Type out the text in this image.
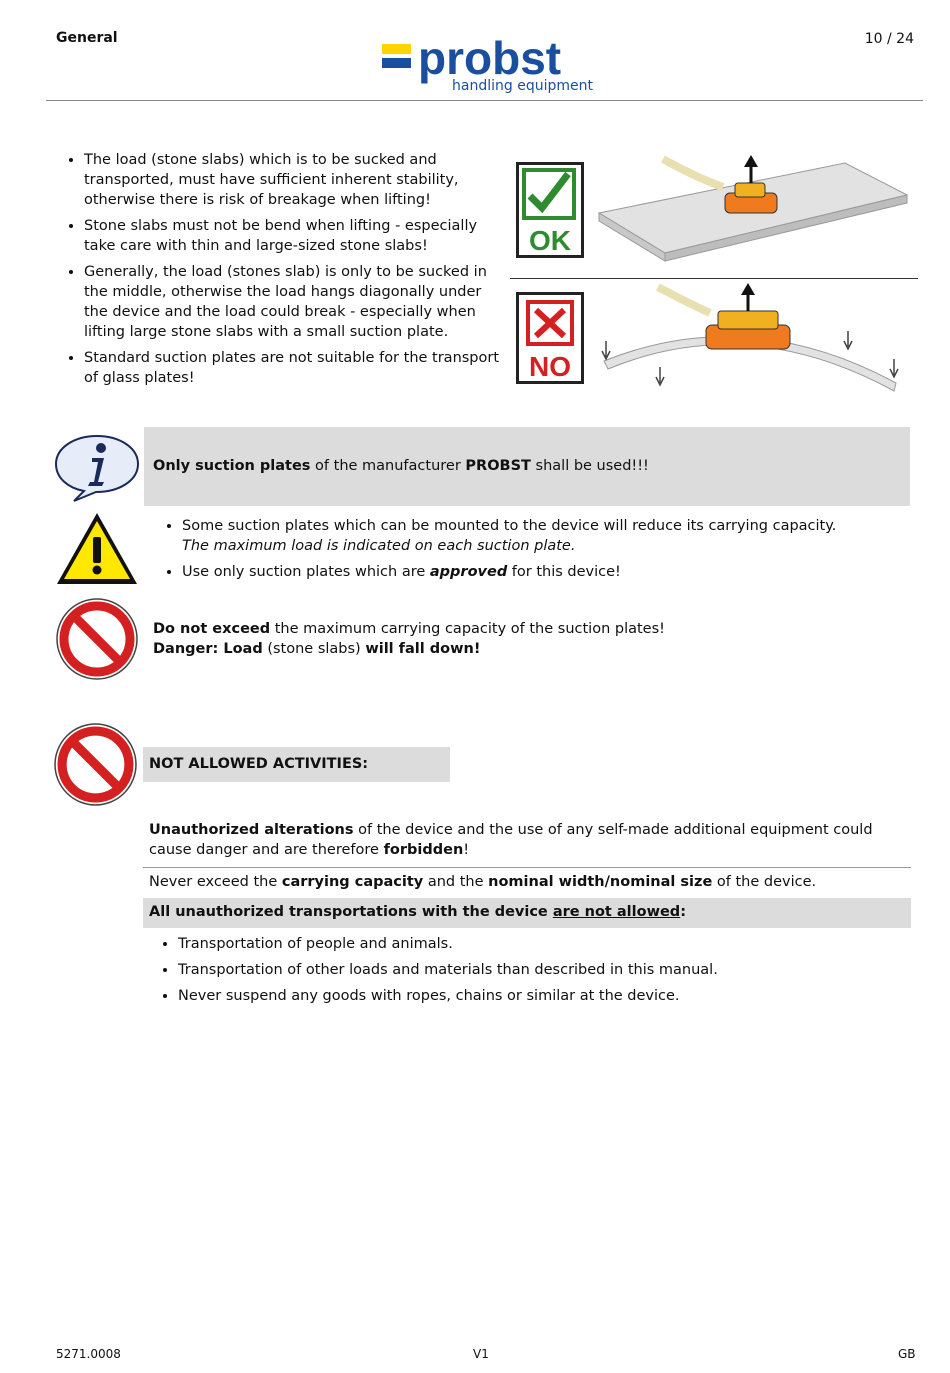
General	10 / 24
probst
handling equipment
• The load (stone slabs) which is to be sucked and transported, must have sufficient inherent stability, otherwise there is risk of breakage when lifting!
• Stone slabs must not be bend when lifting - especially take care with thin and large-sized stone slabs!
• Generally, the load (stones slab) is only to be sucked in the middle, otherwise the load hangs diagonally under the device and the load could break - especially when lifting large stone slabs with a small suction plate.
• Standard suction plates are not suitable for the transport of glass plates!
OK
NO
Only suction plates of the manufacturer PROBST shall be used!!!
• Some suction plates which can be mounted to the device will reduce its carrying capacity.
The maximum load is indicated on each suction plate.
• Use only suction plates which are approved for this device!
Do not exceed the maximum carrying capacity of the suction plates!
Danger: Load (stone slabs) will fall down!
NOT ALLOWED ACTIVITIES:
Unauthorized alterations of the device and the use of any self-made additional equipment could cause danger and are therefore forbidden!
Never exceed the carrying capacity and the nominal width/nominal size of the device.
All unauthorized transportations with the device are not allowed:
• Transportation of people and animals.
• Transportation of other loads and materials than described in this manual.
• Never suspend any goods with ropes, chains or similar at the device.
5271.0008	V1	GB
